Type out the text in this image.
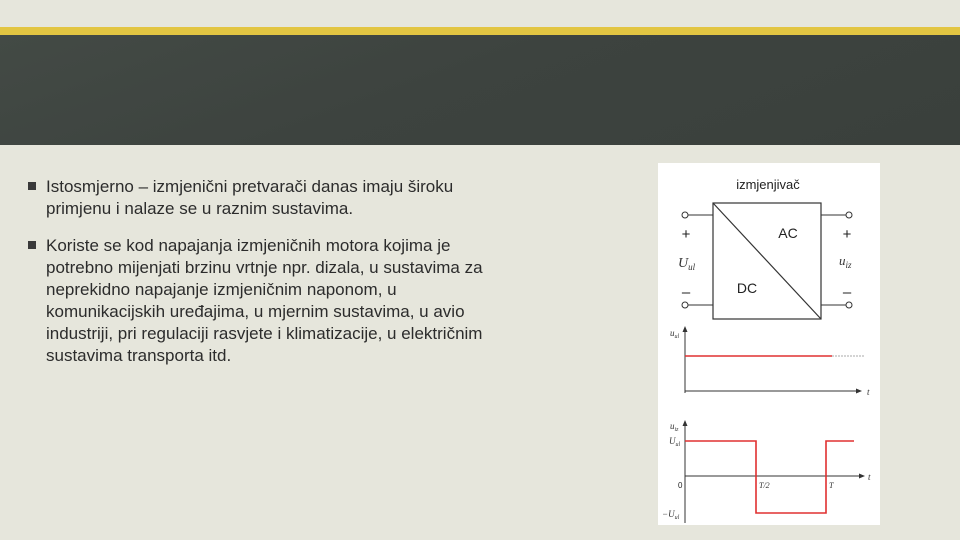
Istosmjerno – izmjenični pretvarači danas imaju široku
primjenu i nalaze se u raznim sustavima.
Koriste se kod napajanja izmjeničnih motora kojima je
potrebno mijenjati brzinu vrtnje npr. dizala, u sustavima za
neprekidno napajanje izmjeničnim naponom, u
komunikacijskih uređajima, u mjernim sustavima, u avio
industriji, pri regulaciji rasvjete i klimatizacije, u električnim
sustavima transporta itd.
izmjenjivač
AC
DC
+
–
+
–
$U_{ul}$	$u_{iz}$
$u_{ul}$
t
$u_{iz}$
$U_{ul}$
$-U_{ul}$
t
0	T/2	T
